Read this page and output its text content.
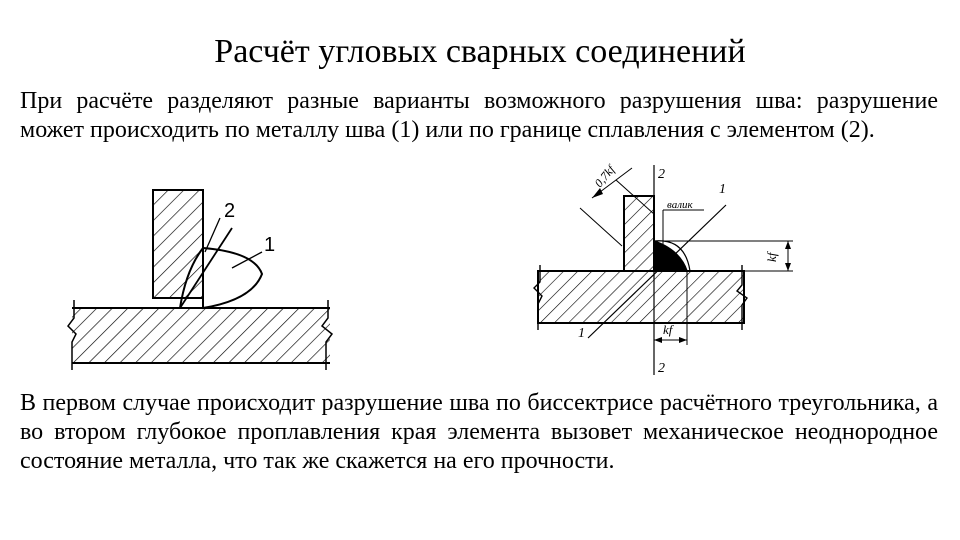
Расчёт угловых сварных соединений
При расчёте разделяют разные варианты возможного разрушения шва: разрушение может происходить по металлу шва (1) или по границе сплавления с элементом (2).
2
1
0,7kf
валик
kf
kf
2
1
1
2
В первом случае происходит разрушение шва по биссектрисе расчётного треугольника, а во втором глубокое проплавления края элемента вызовет механическое неоднородное состояние металла, что так же скажется на его прочности.
